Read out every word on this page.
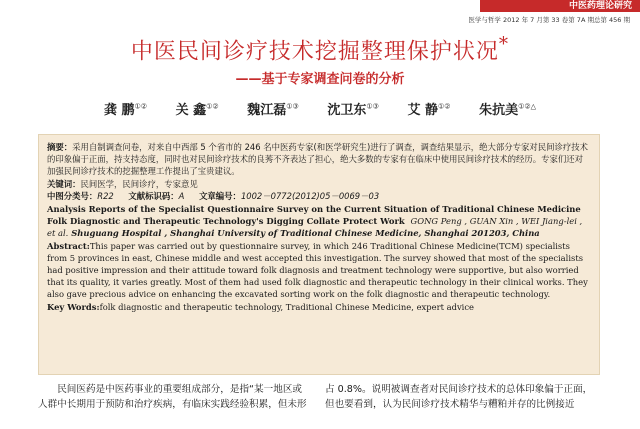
中医药理论研究
医学与哲学 2012 年 7 月第 33 卷第 7A 期总第 456 期
中医民间诊疗技术挖掘整理保护状况*
——基于专家调查问卷的分析
龚 鹏①② 关 鑫①② 魏江磊①③ 沈卫东①③ 艾 静①② 朱抗美①②△

摘要：采用自制调查问卷，对来自中西部 5 个省市的 246 名中医药专家(和医学研究生)进行了调查，调查结果显示，绝大部分专家对民间诊疗技术的印象偏于正面，持支持态度，同时也对民间诊疗技术的良莠不齐表达了担心，绝大多数的专家有在临床中使用民间诊疗技术的经历。专家们还对加强民间诊疗技术的挖掘整理工作提出了宝贵建议。

关键词：民间医学，民间诊疗，专家意见

中图分类号：R22 文献标识码：A 文章编号：1002－0772(2012)05－0069－03

Analysis Reports of the Specialist Questionnaire Survey on the Current Situation of Traditional Chinese Medicine Folk Diagnostic and Therapeutic Technology's Digging Collate Protect Work GONG Peng , GUAN Xin , WEI Jiang-lei , et al. Shuguang Hospital , Shanghai University of Traditional Chinese Medicine, Shanghai 201203, China

Abstract:This paper was carried out by questionnaire survey, in which 246 Traditional Chinese Medicine(TCM) specialists from 5 provinces in east, Chinese middle and west accepted this investigation. The survey showed that most of the specialists had positive impression and their attitude toward folk diagnosis and treatment technology were supportive, but also worried that its quality, it varies greatly. Most of them had used folk diagnostic and therapeutic technology in their clinical works. They also gave precious advice on enhancing the excavated sorting work on the folk diagnostic and therapeutic technology.

Key Words:folk diagnostic and therapeutic technology, Traditional Chinese Medicine, expert advice

民间医药是中医药事业的重要组成部分，是指“某一地区或人群中长期用于预防和治疗疾病，有临床实践经验积累，但未形
占 0.8%。说明被调查者对民间诊疗技术的总体印象偏于正面，但也要看到，认为民间诊疗技术精华与糟粕并存的比例接近
